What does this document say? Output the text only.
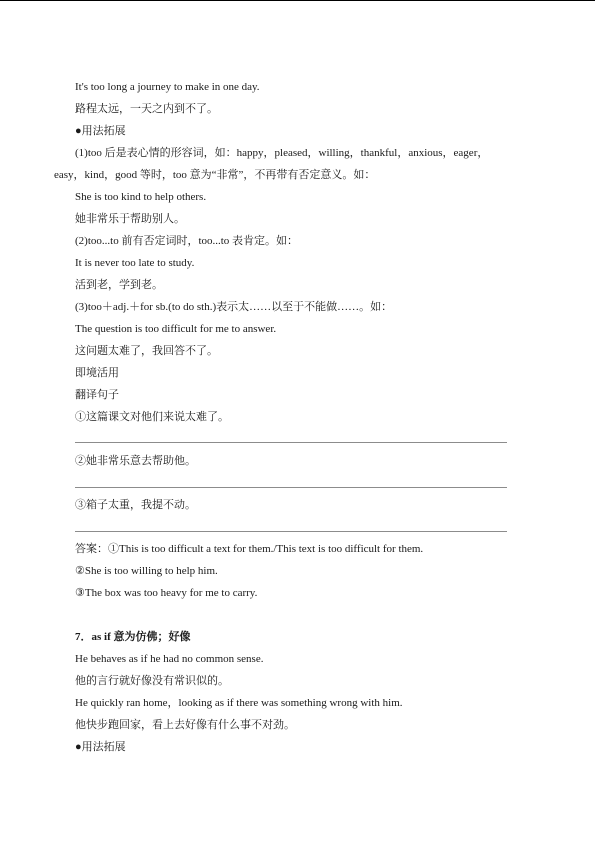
It's too long a journey to make in one day.
路程太远，一天之内到不了。
●用法拓展
(1)too 后是表心情的形容词，如：happy，pleased，willing，thankful，anxious，eager，
easy，kind，good 等时，too 意为“非常”，不再带有否定意义。如：
She is too kind to help others.
她非常乐于帮助别人。
(2)too...to 前有否定词时，too...to 表肯定。如：
It is never too late to study.
活到老，学到老。
(3)too＋adj.＋for sb.(to do sth.)表示太……以至于不能做……。如：
The question is too difficult for me to answer.
这问题太难了，我回答不了。
即境活用
翻译句子
①这篇课文对他们来说太难了。
②她非常乐意去帮助他。
③箱子太重，我提不动。
答案：①This is too difficult a text for them./This text is too difficult for them.
②She is too willing to help him.
③The box was too heavy for me to carry.
7．as if 意为仿佛；好像
He behaves as if he had no common sense.
他的言行就好像没有常识似的。
He quickly ran home，looking as if there was something wrong with him.
他快步跑回家，看上去好像有什么事不对劲。
●用法拓展
